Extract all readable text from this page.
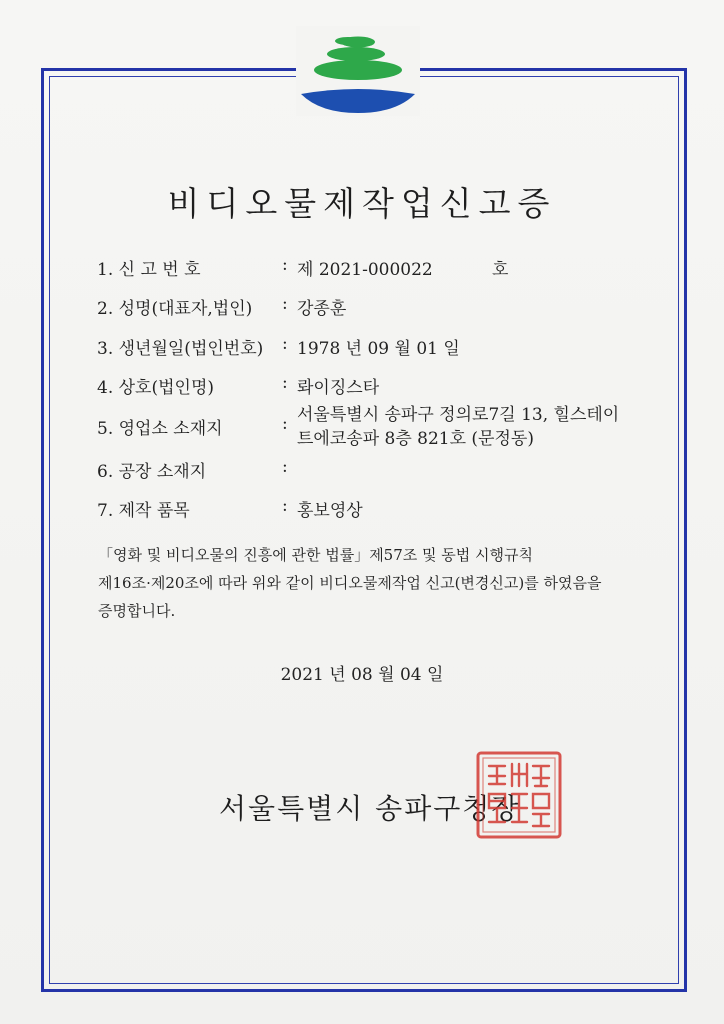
비디오물제작업신고증
1. 신 고 번 호	: 제 2021-000022	호
2. 성명(대표자,법인) : 강종훈
3. 생년월일(법인번호) : 1978 년 09 월 01 일
4. 상호(법인명)	: 롸이징스타
5. 영업소 소재지	: 서울특별시 송파구 정의로7길 13, 힐스테이
트에코송파 8층 821호 (문정동)
6. 공장 소재지	:
7. 제작 품목	: 홍보영상
「영화 및 비디오물의 진흥에 관한 법률」제57조 및 동법 시행규칙
제16조·제20조에 따라 위와 같이 비디오물제작업 신고(변경신고)를 하였음을
증명합니다.
2021 년 08 월 04 일
서울특별시 송파구청장
